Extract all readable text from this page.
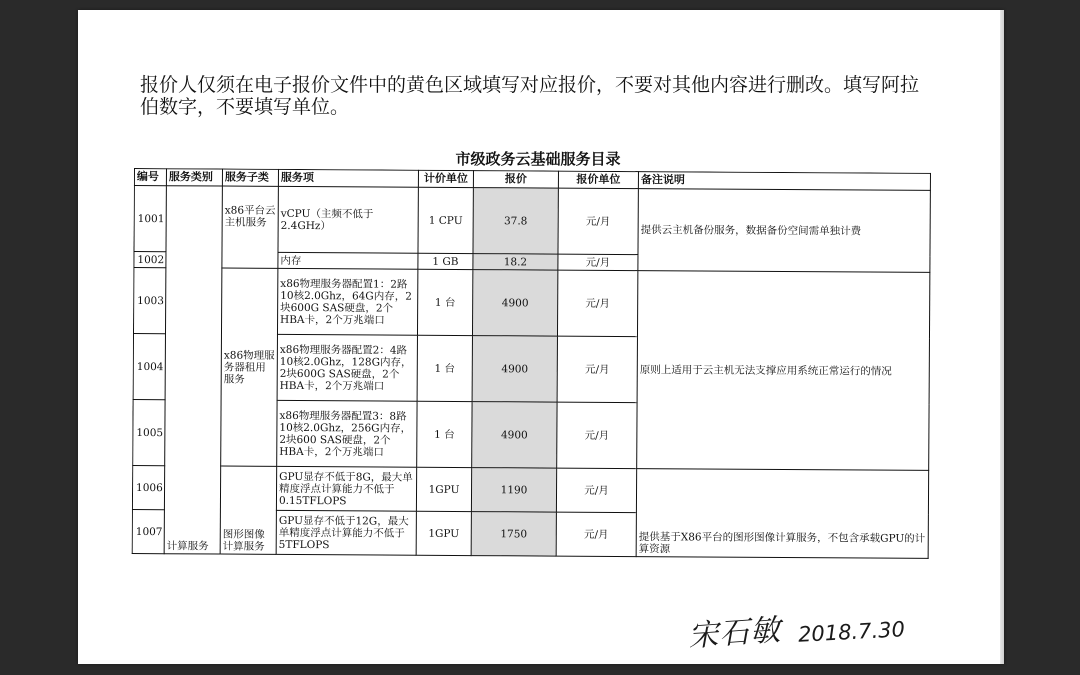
报价人仅须在电子报价文件中的黄色区域填写对应报价，不要对其他内容进行删改。填写阿拉伯数字，不要填写单位。

市级政务云基础服务目录
编号	服务类别	服务子类	服务项	计价单位	报价	报价单位	备注说明
1001	计算服务	x86平台云主机服务	vCPU（主频不低于2.4GHz）	1 CPU	37.8	元/月	提供云主机备份服务，数据备份空间需单独计费
1002			内存	1 GB	18.2	元/月	
1003		x86物理服务器租用服务	x86物理服务器配置1：2路10核2.0Ghz，64G内存，2块600G SAS硬盘，2个HBA卡，2个万兆端口	1 台	4900	元/月	原则上适用于云主机无法支撑应用系统正常运行的情况
1004			x86物理服务器配置2：4路10核2.0Ghz，128G内存，2块600G SAS硬盘，2个HBA卡，2个万兆端口	1 台	4900	元/月	
1005			x86物理服务器配置3：8路10核2.0Ghz，256G内存，2块600 SAS硬盘，2个HBA卡，2个万兆端口	1 台	4900	元/月	
1006		图形图像计算服务	GPU显存不低于8G，最大单精度浮点计算能力不低于0.15TFLOPS	1GPU	1190	元/月	提供基于X86平台的图形图像计算服务，不包含承载GPU的计算资源
1007			GPU显存不低于12G，最大单精度浮点计算能力不低于5TFLOPS	1GPU	1750	元/月	
宋石敏 2018.7.30
